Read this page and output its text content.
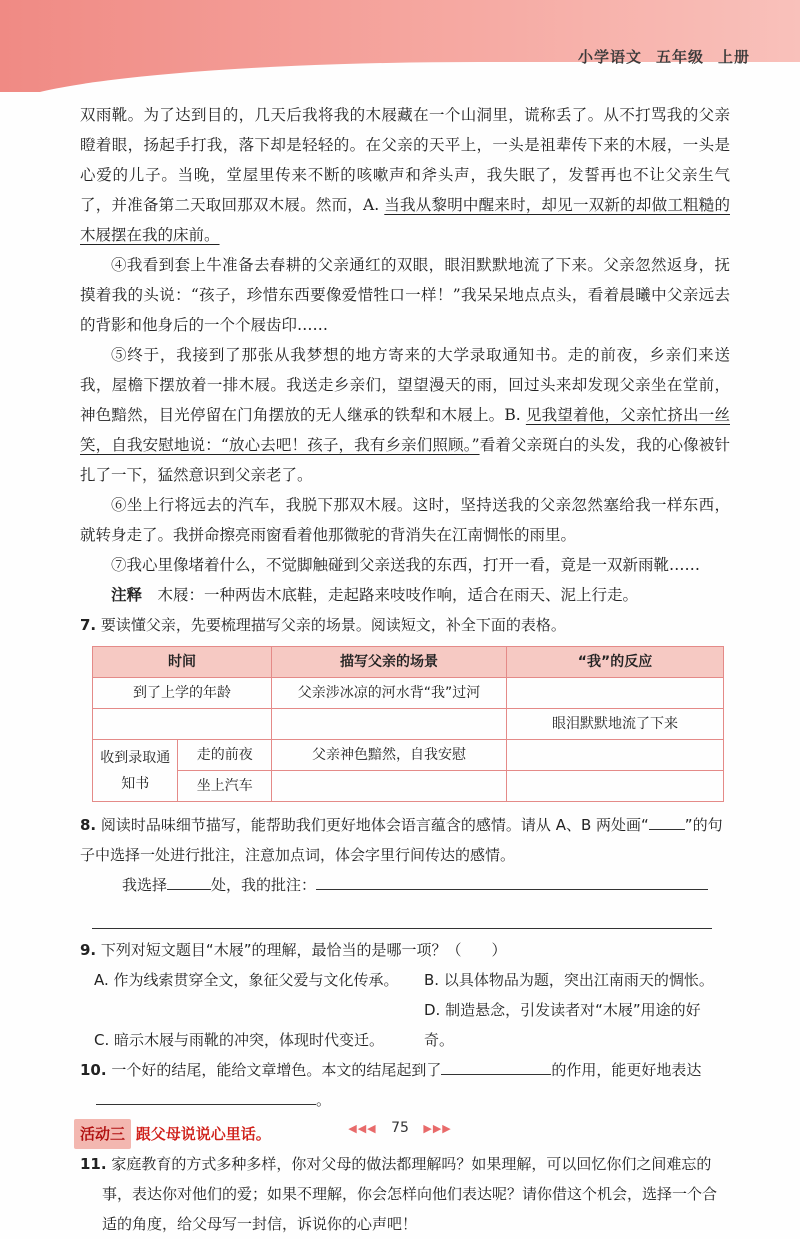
小学语文 五年级 上册

双雨靴。为了达到目的，几天后我将我的木屐藏在一个山洞里，谎称丢了。从不打骂我的父亲瞪着眼，扬起手打我，落下却是轻轻的。在父亲的天平上，一头是祖辈传下来的木屐，一头是心爱的儿子。当晚，堂屋里传来不断的咳嗽声和斧头声，我失眠了，发誓再也不让父亲生气了，并准备第二天取回那双木屐。然而，A. 当我从黎明中醒来时，却见一双新的却做工粗糙的木屐摆在我的床前。

④我看到套上牛准备去春耕的父亲通红的双眼，眼泪默默地流了下来。父亲忽然返身，抚摸着我的头说：“孩子，珍惜东西要像爱惜牲口一样！”我呆呆地点点头，看着晨曦中父亲远去的背影和他身后的一个个屐齿印……

⑤终于，我接到了那张从我梦想的地方寄来的大学录取通知书。走的前夜，乡亲们来送我，屋檐下摆放着一排木屐。我送走乡亲们，望望漫天的雨，回过头来却发现父亲坐在堂前，神色黯然，目光停留在门角摆放的无人继承的铁犁和木屐上。B. 见我望着他，父亲忙挤出一丝笑，自我安慰地说：“放心去吧！孩子，我有乡亲们照顾。”看着父亲斑白的头发，我的心像被针扎了一下，猛然意识到父亲老了。

⑥坐上行将远去的汽车，我脱下那双木屐。这时，坚持送我的父亲忽然塞给我一样东西，就转身走了。我拼命擦亮雨窗看着他那微驼的背消失在江南惆怅的雨里。

⑦我心里像堵着什么，不觉脚触碰到父亲送我的东西，打开一看，竟是一双新雨靴……

注释　 木屐：一种两齿木底鞋，走起路来吱吱作响，适合在雨天、泥上行走。

7. 要读懂父亲，先要梳理描写父亲的场景。阅读短文，补全下面的表格。

时间		描写父亲的场景	“我”的反应
到了上学的年龄		父亲涉冰凉的河水背“我”过河	
			眼泪默默地流了下来
收到录取通知书	走的前夜	父亲神色黯然，自我安慰	
	坐上汽车		

8. 阅读时品味细节描写，能帮助我们更好地体会语言蕴含的感情。请从 A、B 两处画“ ”的句子中选择一处进行批注，注意加点词，体会字里行间传达的感情。

我选择	处，我的批注：

9. 下列对短文题目“木屐”的理解，最恰当的是哪一项？（　　）

A. 作为线索贯穿全文，象征父爱与文化传承。 B. 以具体物品为题，突出江南雨天的惆怅。 C. 暗示木屐与雨靴的冲突，体现时代变迁。D. 制造悬念，引发读者对“木屐”用途的好奇。

10. 一个好的结尾，能给文章增色。本文的结尾起到了	的作用，能更好地表达

。

活动三 跟父母说说心里话。

11. 家庭教育的方式多种多样，你对父母的做法都理解吗？如果理解，可以回忆你们之间难忘的事，表达你对他们的爱；如果不理解，你会怎样向他们表达呢？请你借这个机会，选择一个合适的角度，给父母写一封信，诉说你的心声吧！

◀◀◀ 75 ▶▶▶
